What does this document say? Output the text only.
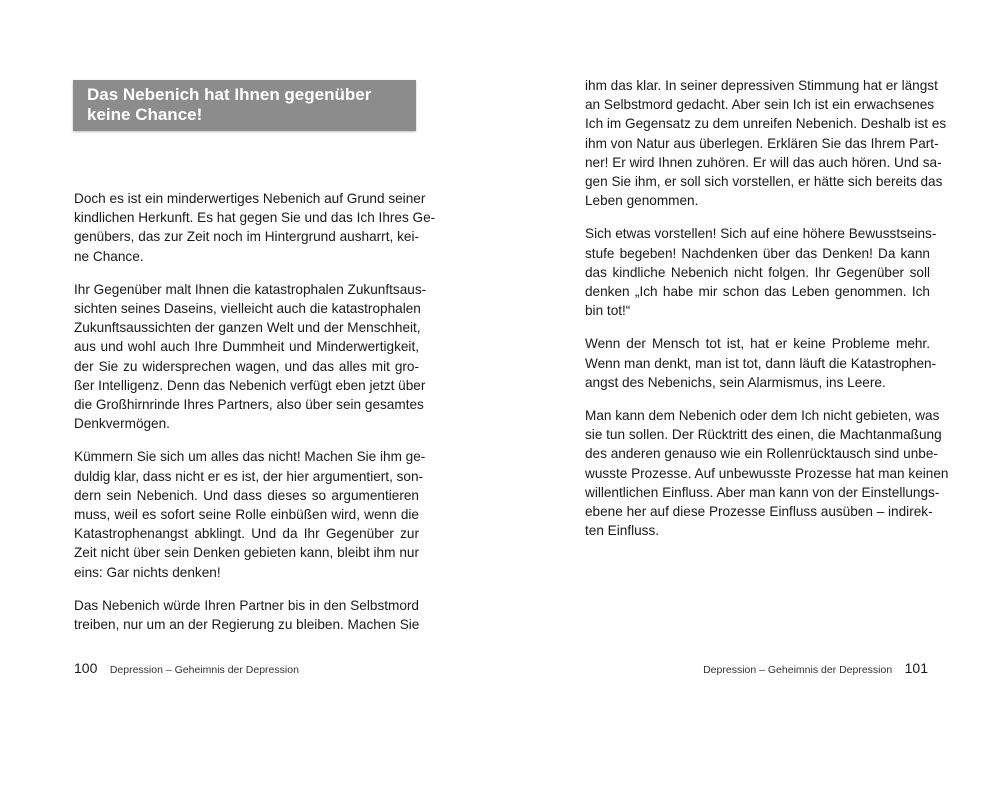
Das Nebenich hat Ihnen gegenüber
keine Chance!
Doch es ist ein minderwertiges Nebenich auf Grund seiner
kindlichen Herkunft. Es hat gegen Sie und das Ich Ihres Ge-
genübers, das zur Zeit noch im Hintergrund ausharrt, kei-
ne Chance.
Ihr Gegenüber malt Ihnen die katastrophalen Zukunftsaus-
sichten seines Daseins, vielleicht auch die katastrophalen
Zukunftsaussichten der ganzen Welt und der Menschheit,
aus und wohl auch Ihre Dummheit und Minderwertigkeit,
der Sie zu widersprechen wagen, und das alles mit gro-
ßer Intelligenz. Denn das Nebenich verfügt eben jetzt über
die Großhirnrinde Ihres Partners, also über sein gesamtes
Denkvermögen.
Kümmern Sie sich um alles das nicht! Machen Sie ihm ge-
duldig klar, dass nicht er es ist, der hier argumentiert, son-
dern sein Nebenich. Und dass dieses so argumentieren
muss, weil es sofort seine Rolle einbüßen wird, wenn die
Katastrophenangst abklingt. Und da Ihr Gegenüber zur
Zeit nicht über sein Denken gebieten kann, bleibt ihm nur
eins: Gar nichts denken!
Das Nebenich würde Ihren Partner bis in den Selbstmord
treiben, nur um an der Regierung zu bleiben. Machen Sie
100 Depression – Geheimnis der Depression
ihm das klar. In seiner depressiven Stimmung hat er längst
an Selbstmord gedacht. Aber sein Ich ist ein erwachsenes
Ich im Gegensatz zu dem unreifen Nebenich. Deshalb ist es
ihm von Natur aus überlegen. Erklären Sie das Ihrem Part-
ner! Er wird Ihnen zuhören. Er will das auch hören. Und sa-
gen Sie ihm, er soll sich vorstellen, er hätte sich bereits das
Leben genommen.
Sich etwas vorstellen! Sich auf eine höhere Bewusstseins-
stufe begeben! Nachdenken über das Denken! Da kann
das kindliche Nebenich nicht folgen. Ihr Gegenüber soll
denken „Ich habe mir schon das Leben genommen. Ich
bin tot!“
Wenn der Mensch tot ist, hat er keine Probleme mehr.
Wenn man denkt, man ist tot, dann läuft die Katastrophen-
angst des Nebenichs, sein Alarmismus, ins Leere.
Man kann dem Nebenich oder dem Ich nicht gebieten, was
sie tun sollen. Der Rücktritt des einen, die Machtanmaßung
des anderen genauso wie ein Rollenrücktausch sind unbe-
wusste Prozesse. Auf unbewusste Prozesse hat man keinen
willentlichen Einfluss. Aber man kann von der Einstellungs-
ebene her auf diese Prozesse Einfluss ausüben – indirek-
ten Einfluss.
Depression – Geheimnis der Depression 101
